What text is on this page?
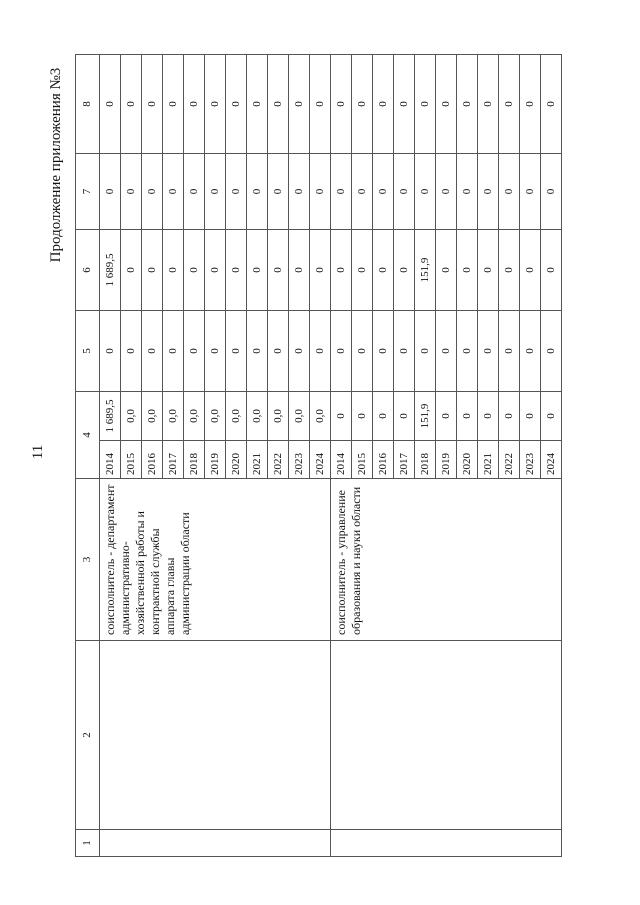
11
Продолжение приложения №3
1	2	3	4		5	6	7	8
		соисполнитель - департамент административно-хозяйственной работы и контрактной службы аппарата главы администрации области	2014	1 689,5	0	1 689,5	0	0
			2015	0,0	0	0	0	0
			2016	0,0	0	0	0	0
			2017	0,0	0	0	0	0
			2018	0,0	0	0	0	0
			2019	0,0	0	0	0	0
			2020	0,0	0	0	0	0
			2021	0,0	0	0	0	0
			2022	0,0	0	0	0	0
			2023	0,0	0	0	0	0
			2024	0,0	0	0	0	0
		соисполнитель - управление образования и науки области	2014	0	0	0	0	0
			2015	0	0	0	0	0
			2016	0	0	0	0	0
			2017	0	0	0	0	0
			2018	151,9	0	151,9	0	0
			2019	0	0	0	0	0
			2020	0	0	0	0	0
			2021	0	0	0	0	0
			2022	0	0	0	0	0
			2023	0	0	0	0	0
			2024	0	0	0	0	0
